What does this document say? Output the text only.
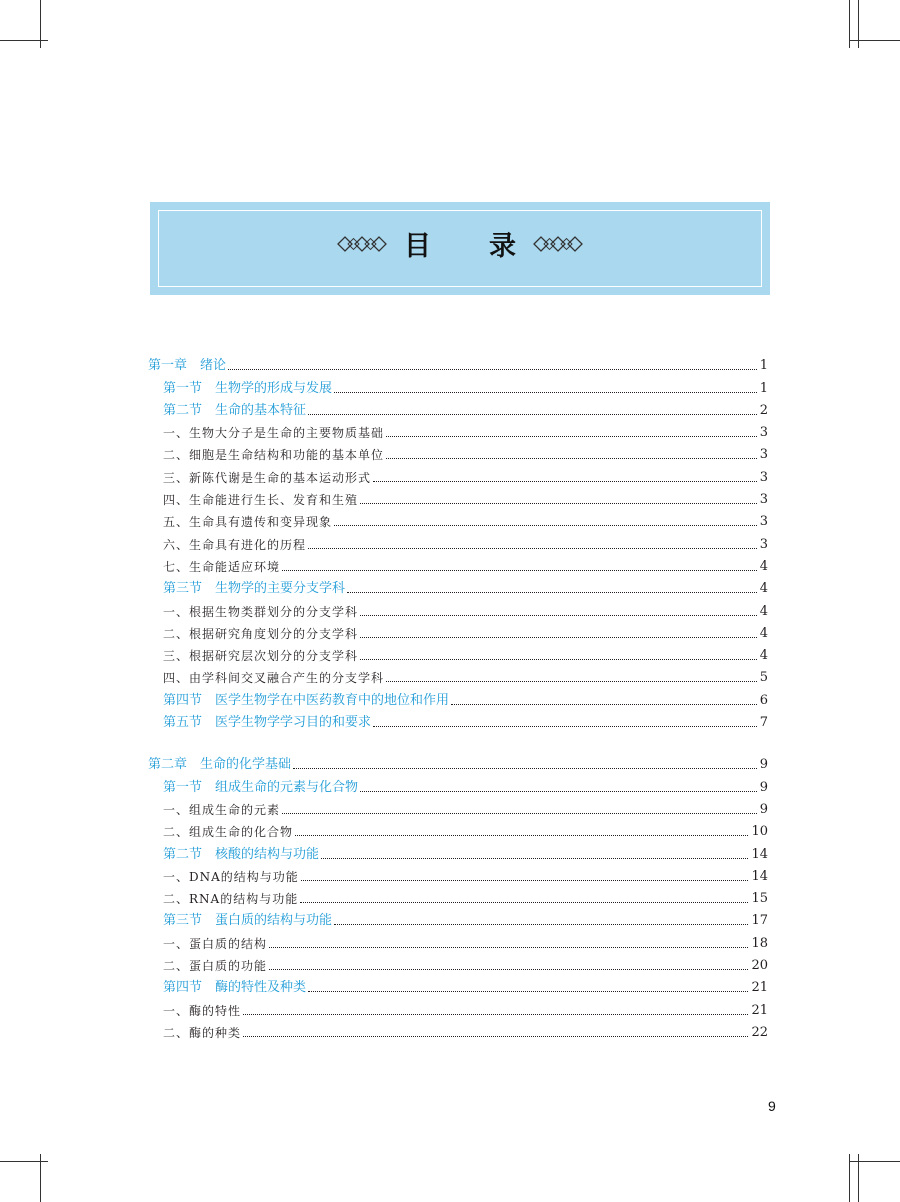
目 录
第一章　绪论	1
第一节　生物学的形成与发展	1
第二节　生命的基本特征	2
一、生物大分子是生命的主要物质基础	3
二、细胞是生命结构和功能的基本单位	3
三、新陈代谢是生命的基本运动形式	3
四、生命能进行生长、发育和生殖	3
五、生命具有遗传和变异现象	3
六、生命具有进化的历程	3
七、生命能适应环境	4
第三节　生物学的主要分支学科	4
一、根据生物类群划分的分支学科	4
二、根据研究角度划分的分支学科	4
三、根据研究层次划分的分支学科	4
四、由学科间交叉融合产生的分支学科	5
第四节　医学生物学在中医药教育中的地位和作用	6
第五节　医学生物学学习目的和要求	7
第二章　生命的化学基础	9
第一节　组成生命的元素与化合物	9
一、组成生命的元素	9
二、组成生命的化合物	10
第二节　核酸的结构与功能	14
一、DNA的结构与功能	14
二、RNA的结构与功能	15
第三节　蛋白质的结构与功能	17
一、蛋白质的结构	18
二、蛋白质的功能	20
第四节　酶的特性及种类	21
一、酶的特性	21
二、酶的种类	22
9
